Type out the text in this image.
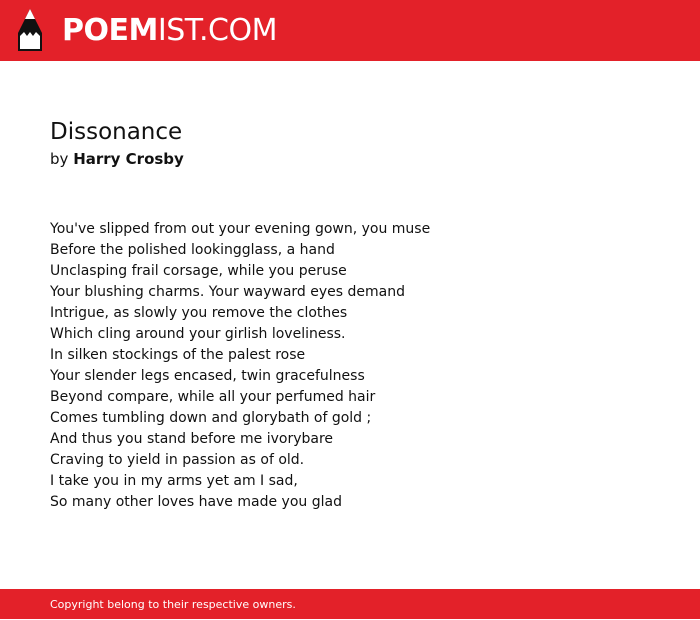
POEMIST.COM
Dissonance
by Harry Crosby
You've slipped from out your evening gown, you muse
Before the polished lookingglass, a hand
Unclasping frail corsage, while you peruse
Your blushing charms. Your wayward eyes demand
Intrigue, as slowly you remove the clothes
Which cling around your girlish loveliness.
In silken stockings of the palest rose
Your slender legs encased, twin gracefulness
Beyond compare, while all your perfumed hair
Comes tumbling down and glorybath of gold ;
And thus you stand before me ivorybare
Craving to yield in passion as of old.
I take you in my arms yet am I sad,
So many other loves have made you glad
Copyright belong to their respective owners.
